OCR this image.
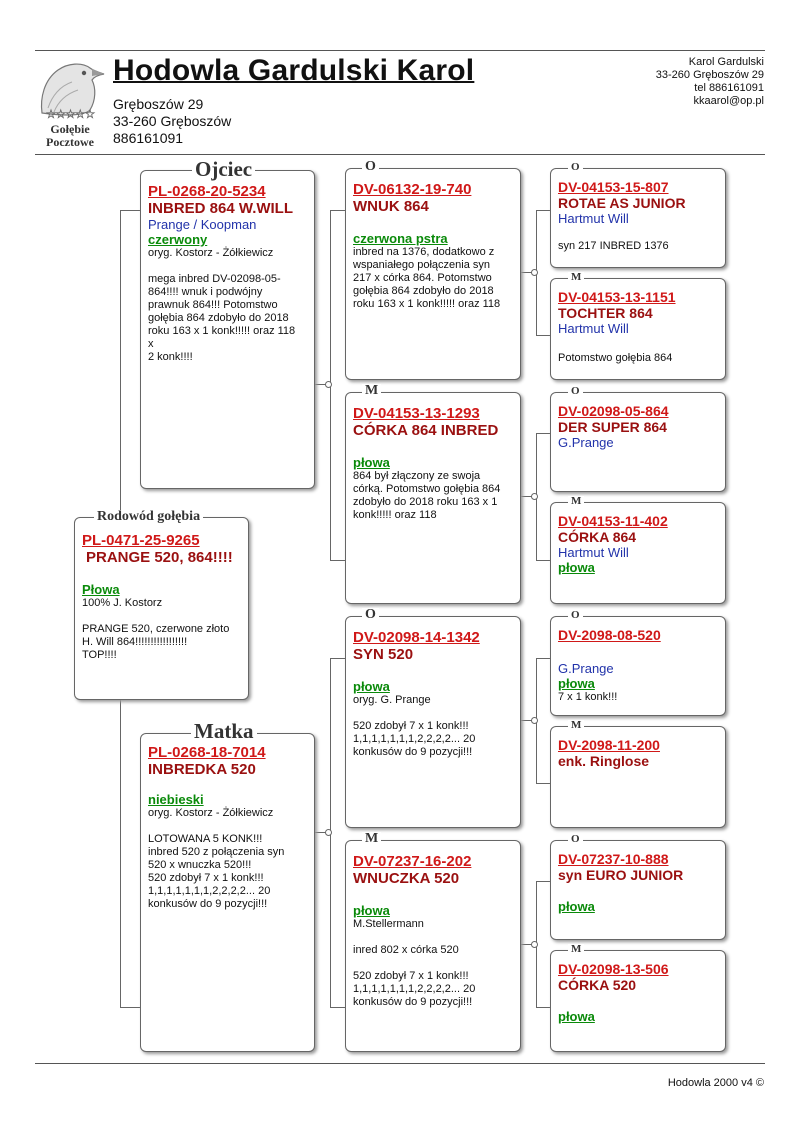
☆☆☆☆☆
Gołębie
Pocztowe
Hodowla Gardulski Karol
Gręboszów 29
33-260 Gręboszów
886161091
Karol Gardulski
33-260 Gręboszów 29
tel 886161091
kkaarol@op.pl
PL-0471-25-9265
PRANGE 520, 864!!!!
Płowa
100% J. Kostorz
PRANGE 520, czerwone złoto
H. Will 864!!!!!!!!!!!!!!!!!
TOP!!!!
Rodowód gołębia
PL-0268-20-5234
INBRED 864 W.WILL
Prange / Koopman
czerwony
oryg. Kostorz - Żółkiewicz
mega inbred DV-02098-05-
864!!!! wnuk i podwójny
prawnuk 864!!! Potomstwo
gołębia 864 zdobyło do 2018
roku 163 x 1 konk!!!!! oraz 118
x
2 konk!!!!
Ojciec
PL-0268-18-7014
INBREDKA 520
niebieski
oryg. Kostorz - Żółkiewicz
LOTOWANA 5 KONK!!!
inbred 520 z połączenia syn
520 x wnuczka 520!!!
520 zdobył 7 x 1 konk!!!
1,1,1,1,1,1,1,2,2,2,2... 20
konkusów do 9 pozycji!!!
Matka
DV-06132-19-740
WNUK 864
czerwona pstra
inbred na 1376, dodatkowo z
wspaniałego połączenia syn
217 x córka 864. Potomstwo
gołębia 864 zdobyło do 2018
roku 163 x 1 konk!!!!! oraz 118
O
DV-04153-13-1293
CÓRKA 864 INBRED
płowa
864 był złączony ze swoja
córką. Potomstwo gołębia 864
zdobyło do 2018 roku 163 x 1
konk!!!!! oraz 118
M
DV-02098-14-1342
SYN 520
płowa
oryg. G. Prange
520 zdobył 7 x 1 konk!!!
1,1,1,1,1,1,1,2,2,2,2... 20
konkusów do 9 pozycji!!!
O
DV-07237-16-202
WNUCZKA 520
płowa
M.Stellermann
inred 802 x córka 520
520 zdobył 7 x 1 konk!!!
1,1,1,1,1,1,1,2,2,2,2... 20
konkusów do 9 pozycji!!!
M
DV-04153-15-807
ROTAE AS JUNIOR
Hartmut Will
syn 217 INBRED 1376
O
DV-04153-13-1151
TOCHTER 864
Hartmut Will
Potomstwo gołębia 864
M
DV-02098-05-864
DER SUPER 864
G.Prange
O
DV-04153-11-402
CÓRKA 864
Hartmut Will
płowa
M
DV-2098-08-520
G.Prange
płowa
7 x 1 konk!!!
O
DV-2098-11-200
enk. Ringlose
M
DV-07237-10-888
syn EURO JUNIOR
płowa
O
DV-02098-13-506
CÓRKA 520
płowa
M
Hodowla 2000 v4 ©
